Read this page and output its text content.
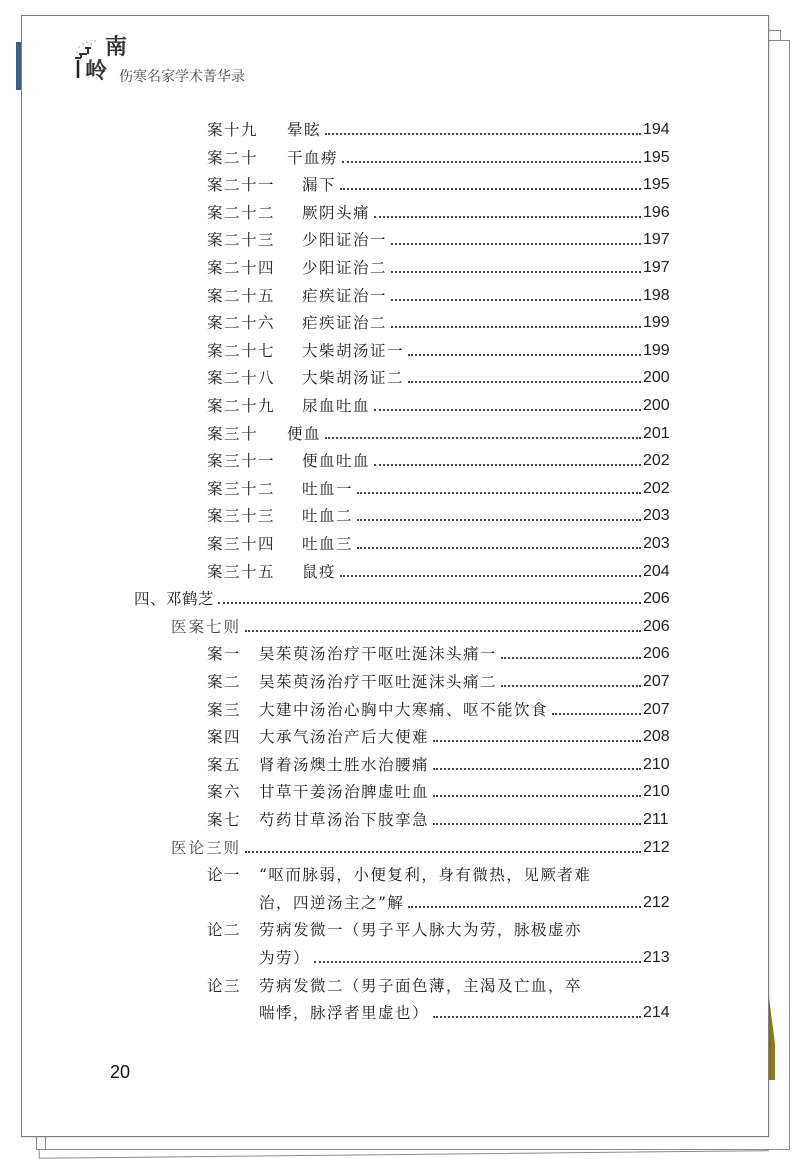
南
岭 伤寒名家学术菁华录
案十九 晕眩	194
案二十 干血痨	195
案二十一 漏下	195
案二十二 厥阴头痛	196
案二十三 少阳证治一	197
案二十四 少阳证治二	197
案二十五 疟疾证治一	198
案二十六 疟疾证治二	199
案二十七 大柴胡汤证一	199
案二十八 大柴胡汤证二	200
案二十九 尿血吐血	200
案三十 便血	201
案三十一 便血吐血	202
案三十二 吐血一	202
案三十三 吐血二	203
案三十四 吐血三	203
案三十五 鼠疫	204
四、邓鹤芝	206
医案七则	206
案一 吴茱萸汤治疗干呕吐涎沫头痛一	206
案二 吴茱萸汤治疗干呕吐涎沫头痛二	207
案三 大建中汤治心胸中大寒痛、呕不能饮食	207
案四 大承气汤治产后大便难	208
案五 肾着汤燠土胜水治腰痛	210
案六 甘草干姜汤治脾虚吐血	210
案七 芍药甘草汤治下肢挛急	211
医论三则	212
论一 “呕而脉弱，小便复利，身有微热，见厥者难
治，四逆汤主之”解	212
论二 劳病发微一（男子平人脉大为劳，脉极虚亦
为劳）	213
论三 劳病发微二（男子面色薄，主渴及亡血，卒
喘悸，脉浮者里虚也）	214
20
